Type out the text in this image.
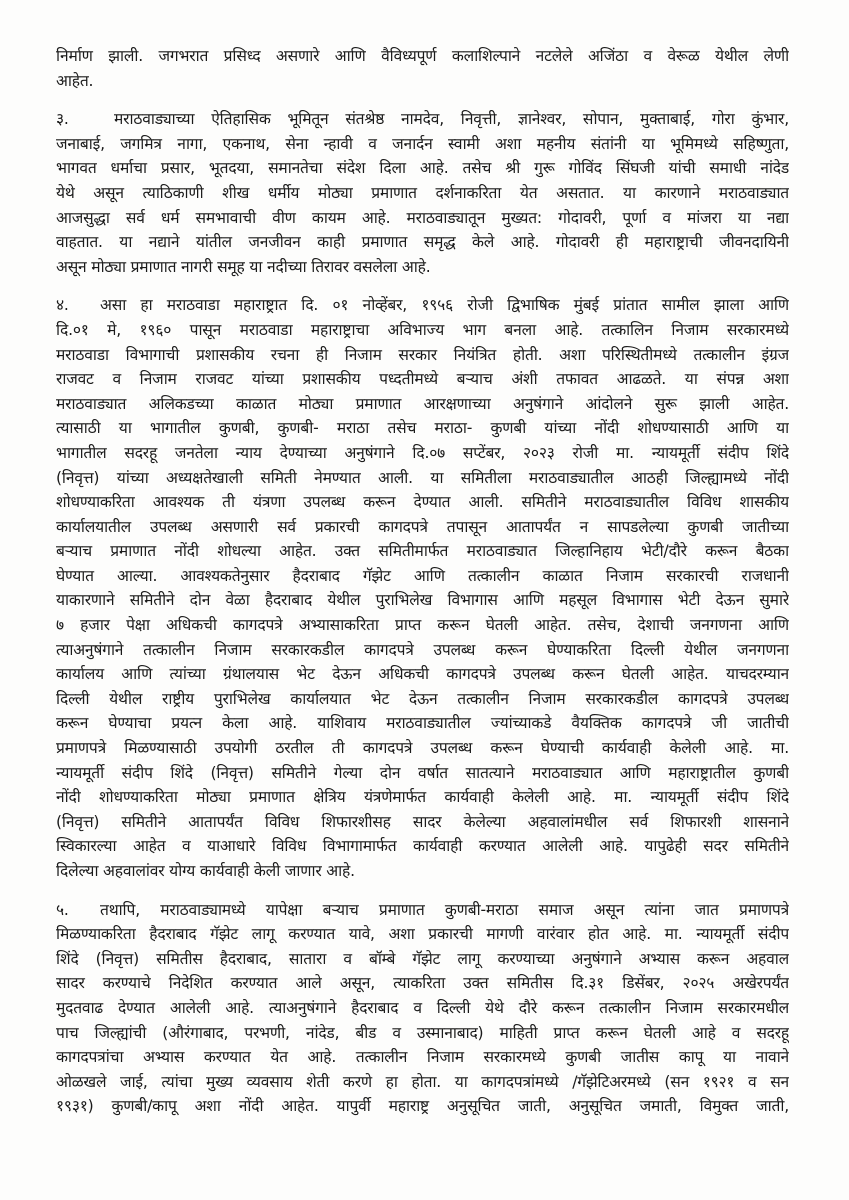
निर्माण झाली. जगभरात प्रसिध्द असणारे आणि वैविध्यपूर्ण कलाशिल्पाने नटलेले अजिंठा व वेरूळ येथील लेणी
आहेत.
३.	मराठवाड्याच्या ऐतिहासिक भूमितून संतश्रेष्ठ नामदेव, निवृत्ती, ज्ञानेश्वर, सोपान, मुक्ताबाई, गोरा कुंभार,
जनाबाई, जगमित्र नागा, एकनाथ, सेना न्हावी व जनार्दन स्वामी अशा महनीय संतांनी या भूमिमध्ये सहिष्णुता,
भागवत धर्माचा प्रसार, भूतदया, समानतेचा संदेश दिला आहे. तसेच श्री गुरू गोविंद सिंघजी यांची समाधी नांदेड
येथे असून त्याठिकाणी शीख धर्मीय मोठ्या प्रमाणात दर्शनाकरिता येत असतात. या कारणाने मराठवाड्यात
आजसुद्धा सर्व धर्म समभावाची वीण कायम आहे. मराठवाड्यातून मुख्यत: गोदावरी, पूर्णा व मांजरा या नद्या
वाहतात. या नद्याने यांतील जनजीवन काही प्रमाणात समृद्ध केले आहे. गोदावरी ही महाराष्ट्राची जीवनदायिनी
असून मोठ्या प्रमाणात नागरी समूह या नदीच्या तिरावर वसलेला आहे.
४. असा हा मराठवाडा महाराष्ट्रात दि. ०१ नोव्हेंबर, १९५६ रोजी द्विभाषिक मुंबई प्रांतात सामील झाला आणि
दि.०१ मे, १९६० पासून मराठवाडा महाराष्ट्राचा अविभाज्य भाग बनला आहे. तत्कालिन निजाम सरकारमध्ये
मराठवाडा विभागाची प्रशासकीय रचना ही निजाम सरकार नियंत्रित होती. अशा परिस्थितीमध्ये तत्कालीन इंग्रज
राजवट व निजाम राजवट यांच्या प्रशासकीय पध्दतीमध्ये बऱ्याच अंशी तफावत आढळते. या संपन्न अशा
मराठवाड्यात अलिकडच्या काळात मोठ्या प्रमाणात आरक्षणाच्या अनुषंगाने आंदोलने सुरू झाली आहेत.
त्यासाठी या भागातील कुणबी, कुणबी- मराठा तसेच मराठा- कुणबी यांच्या नोंदी शोधण्यासाठी आणि या
भागातील सदरहू जनतेला न्याय देण्याच्या अनुषंगाने दि.०७ सप्टेंबर, २०२३ रोजी मा. न्यायमूर्ती संदीप शिंदे
(निवृत्त) यांच्या अध्यक्षतेखाली समिती नेमण्यात आली. या समितीला मराठवाड्यातील आठही जिल्ह्यामध्ये नोंदी
शोधण्याकरिता आवश्यक ती यंत्रणा उपलब्ध करून देण्यात आली. समितीने मराठवाड्यातील विविध शासकीय
कार्यालयातील उपलब्ध असणारी सर्व प्रकारची कागदपत्रे तपासून आतापर्यंत न सापडलेल्या कुणबी जातीच्या
बऱ्याच प्रमाणात नोंदी शोधल्या आहेत. उक्त समितीमार्फत मराठवाड्यात जिल्हानिहाय भेटी/दौरे करून बैठका
घेण्यात आल्या. आवश्यकतेनुसार हैदराबाद गॅझेट आणि तत्कालीन काळात निजाम सरकारची राजधानी
याकारणाने समितीने दोन वेळा हैदराबाद येथील पुराभिलेख विभागास आणि महसूल विभागास भेटी देऊन सुमारे
७ हजार पेक्षा अधिकची कागदपत्रे अभ्यासाकरिता प्राप्त करून घेतली आहेत. तसेच, देशाची जनगणना आणि
त्याअनुषंगाने तत्कालीन निजाम सरकारकडील कागदपत्रे उपलब्ध करून घेण्याकरिता दिल्ली येथील जनगणना
कार्यालय आणि त्यांच्या ग्रंथालयास भेट देऊन अधिकची कागदपत्रे उपलब्ध करून घेतली आहेत. याचदरम्यान
दिल्ली येथील राष्ट्रीय पुराभिलेख कार्यालयात भेट देऊन तत्कालीन निजाम सरकारकडील कागदपत्रे उपलब्ध
करून घेण्याचा प्रयत्न केला आहे. याशिवाय मराठवाड्यातील ज्यांच्याकडे वैयक्तिक कागदपत्रे जी जातीची
प्रमाणपत्रे मिळण्यासाठी उपयोगी ठरतील ती कागदपत्रे उपलब्ध करून घेण्याची कार्यवाही केलेली आहे. मा.
न्यायमूर्ती संदीप शिंदे (निवृत्त) समितीने गेल्या दोन वर्षात सातत्याने मराठवाड्यात आणि महाराष्ट्रातील कुणबी
नोंदी शोधण्याकरिता मोठ्या प्रमाणात क्षेत्रिय यंत्रणेमार्फत कार्यवाही केलेली आहे. मा. न्यायमूर्ती संदीप शिंदे
(निवृत्त) समितीने आतापर्यंत विविध शिफारशीसह सादर केलेल्या अहवालांमधील सर्व शिफारशी शासनाने
स्विकारल्या आहेत व याआधारे विविध विभागामार्फत कार्यवाही करण्यात आलेली आहे. यापुढेही सदर समितीने
दिलेल्या अहवालांवर योग्य कार्यवाही केली जाणार आहे.
५. तथापि, मराठवाड्यामध्ये यापेक्षा बऱ्याच प्रमाणात कुणबी-मराठा समाज असून त्यांना जात प्रमाणपत्रे
मिळण्याकरिता हैदराबाद गॅझेट लागू करण्यात यावे, अशा प्रकारची मागणी वारंवार होत आहे. मा. न्यायमूर्ती संदीप
शिंदे (निवृत्त) समितीस हैदराबाद, सातारा व बॉम्बे गॅझेट लागू करण्याच्या अनुषंगाने अभ्यास करून अहवाल
सादर करण्याचे निदेशित करण्यात आले असून, त्याकरिता उक्त समितीस दि.३१ डिसेंबर, २०२५ अखेरपर्यंत
मुदतवाढ देण्यात आलेली आहे. त्याअनुषंगाने हैदराबाद व दिल्ली येथे दौरे करून तत्कालीन निजाम सरकारमधील
पाच जिल्ह्यांची (औरंगाबाद, परभणी, नांदेड, बीड व उस्मानाबाद) माहिती प्राप्त करून घेतली आहे व सदरहू
कागदपत्रांचा अभ्यास करण्यात येत आहे. तत्कालीन निजाम सरकारमध्ये कुणबी जातीस कापू या नावाने
ओळखले जाई, त्यांचा मुख्य व्यवसाय शेती करणे हा होता. या कागदपत्रांमध्ये /गॅझेटिअरमध्ये (सन १९२१ व सन
१९३१) कुणबी/कापू अशा नोंदी आहेत. यापुर्वी महाराष्ट्र अनुसूचित जाती, अनुसूचित जमाती, विमुक्त जाती,
